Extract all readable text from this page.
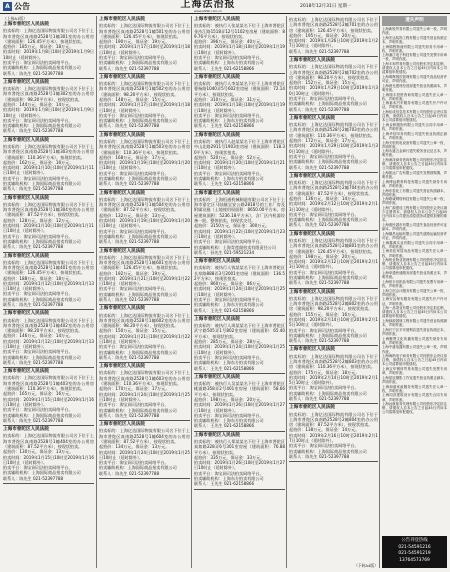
A 公告	上海法治报
www.shfzb.com.cn
2018年12月31日 星期一
（上接A1版）
上海市普陀区人民法院
拍卖标的：上海亿达国际物流有限公司名下位于上海市普陀区真南路2528号1幢301室的办公用房（建筑面积：126.45平方米），按现状拍卖。
起拍价：185万元，保证金：18万元。
拍卖时间：2019年1月8日10时至2019年1月9日10时止（延时除外）。
拍卖平台：淘宝网司法拍卖网络平台。
拍卖辅助机构：上海国际商品拍卖有限公司
联系人：陈先生 021-52397788
上海市普陀区人民法院
拍卖标的：上海亿达国际物流有限公司名下位于上海市普陀区真南路2528号1幢302室的办公用房（建筑面积：98.20平方米），按现状拍卖。
起拍价：144万元，保证金：14万元。
拍卖时间：2019年1月8日10时至2019年1月9日10时止（延时除外）。
拍卖平台：淘宝网司法拍卖网络平台。
拍卖辅助机构：上海国际商品拍卖有限公司
联系人：陈先生 021-52397788
上海市普陀区人民法院
拍卖标的：上海亿达国际物流有限公司名下位于上海市普陀区真南路2528号1幢303室的办公用房（建筑面积：110.36平方米），按现状拍卖。
起拍价：162万元，保证金：16万元。
拍卖时间：2019年1月10日10时至2019年1月11日10时止（延时除外）。
拍卖平台：淘宝网司法拍卖网络平台。
拍卖辅助机构：上海国际商品拍卖有限公司
联系人：陈先生 021-52397788
上海市普陀区人民法院
拍卖标的：上海亿达国际物流有限公司名下位于上海市普陀区真南路2528号1幢304室的办公用房（建筑面积：87.52平方米），按现状拍卖。
起拍价：128万元，保证金：12万元。
拍卖时间：2019年1月10日10时至2019年1月11日10时止（延时除外）。
拍卖平台：淘宝网司法拍卖网络平台。
拍卖辅助机构：上海国际商品拍卖有限公司
联系人：陈先生 021-52397788
上海市普陀区人民法院
拍卖标的：上海亿达国际物流有限公司名下位于上海市普陀区真南路2528号1幢401室的办公用房（建筑面积：126.45平方米），按现状拍卖。
起拍价：188万元，保证金：18万元。
拍卖时间：2019年1月12日10时至2019年1月13日10时止（延时除外）。
拍卖平台：淘宝网司法拍卖网络平台。
拍卖辅助机构：上海国际商品拍卖有限公司
联系人：陈先生 021-52397788
上海市普陀区人民法院
拍卖标的：上海亿达国际物流有限公司名下位于上海市普陀区真南路2528号1幢402室的办公用房（建筑面积：98.20平方米），按现状拍卖。
起拍价：146万元，保证金：14万元。
拍卖时间：2019年1月12日10时至2019年1月13日10时止（延时除外）。
拍卖平台：淘宝网司法拍卖网络平台。
拍卖辅助机构：上海国际商品拍卖有限公司
联系人：陈先生 021-52397788
上海市普陀区人民法院
拍卖标的：上海亿达国际物流有限公司名下位于上海市普陀区真南路2528号1幢403室的办公用房（建筑面积：110.36平方米），按现状拍卖。
起拍价：165万元，保证金：16万元。
拍卖时间：2019年1月15日10时至2019年1月16日10时止（延时除外）。
拍卖平台：淘宝网司法拍卖网络平台。
拍卖辅助机构：上海国际商品拍卖有限公司
联系人：陈先生 021-52397788
上海市普陀区人民法院
拍卖标的：上海亿达国际物流有限公司名下位于上海市普陀区真南路2528号1幢404室的办公用房（建筑面积：87.52平方米），按现状拍卖。
起拍价：130万元，保证金：13万元。
拍卖时间：2019年1月15日10时至2019年1月16日10时止（延时除外）。
拍卖平台：淘宝网司法拍卖网络平台。
拍卖辅助机构：上海国际商品拍卖有限公司
联系人：陈先生 021-52397788
上海市普陀区人民法院
拍卖标的：上海亿达国际物流有限公司名下位于上海市普陀区真南路2528号1幢501室的办公用房（建筑面积：126.45平方米），按现状拍卖。
起拍价：190万元，保证金：19万元。
拍卖时间：2019年1月17日10时至2019年1月18日10时止（延时除外）。
拍卖平台：淘宝网司法拍卖网络平台。
拍卖辅助机构：上海国际商品拍卖有限公司
联系人：陈先生 021-52397788
上海市普陀区人民法院
拍卖标的：上海亿达国际物流有限公司名下位于上海市普陀区真南路2528号1幢502室的办公用房（建筑面积：98.20平方米），按现状拍卖。
起拍价：148万元，保证金：15万元。
拍卖时间：2019年1月17日10时至2019年1月18日10时止（延时除外）。
拍卖平台：淘宝网司法拍卖网络平台。
拍卖辅助机构：上海国际商品拍卖有限公司
联系人：陈先生 021-52397788
上海市普陀区人民法院
拍卖标的：上海亿达国际物流有限公司名下位于上海市普陀区真南路2528号1幢503室的办公用房（建筑面积：110.36平方米），按现状拍卖。
起拍价：168万元，保证金：17万元。
拍卖时间：2019年1月19日10时至2019年1月20日10时止（延时除外）。
拍卖平台：淘宝网司法拍卖网络平台。
拍卖辅助机构：上海国际商品拍卖有限公司
联系人：陈先生 021-52397788
上海市普陀区人民法院
拍卖标的：上海亿达国际物流有限公司名下位于上海市普陀区真南路2528号1幢504室的办公用房（建筑面积：87.52平方米），按现状拍卖。
起拍价：132万元，保证金：13万元。
拍卖时间：2019年1月19日10时至2019年1月20日10时止（延时除外）。
拍卖平台：淘宝网司法拍卖网络平台。
拍卖辅助机构：上海国际商品拍卖有限公司
联系人：陈先生 021-52397788
上海市普陀区人民法院
拍卖标的：上海亿达国际物流有限公司名下位于上海市普陀区真南路2528号1幢601室的办公用房（建筑面积：126.45平方米），按现状拍卖。
起拍价：192万元，保证金：19万元。
拍卖时间：2019年1月21日10时至2019年1月22日10时止（延时除外）。
拍卖平台：淘宝网司法拍卖网络平台。
拍卖辅助机构：上海国际商品拍卖有限公司
联系人：陈先生 021-52397788
上海市普陀区人民法院
拍卖标的：上海亿达国际物流有限公司名下位于上海市普陀区真南路2528号1幢602室的办公用房（建筑面积：98.20平方米），按现状拍卖。
起拍价：150万元，保证金：15万元。
拍卖时间：2019年1月21日10时至2019年1月22日10时止（延时除外）。
拍卖平台：淘宝网司法拍卖网络平台。
拍卖辅助机构：上海国际商品拍卖有限公司
联系人：陈先生 021-52397788
上海市普陀区人民法院
拍卖标的：上海亿达国际物流有限公司名下位于上海市普陀区真南路2528号1幢603室的办公用房（建筑面积：110.36平方米），按现状拍卖。
起拍价：170万元，保证金：17万元。
拍卖时间：2019年1月24日10时至2019年1月25日10时止（延时除外）。
拍卖平台：淘宝网司法拍卖网络平台。
拍卖辅助机构：上海国际商品拍卖有限公司
联系人：陈先生 021-52397788
上海市普陀区人民法院
拍卖标的：上海亿达国际物流有限公司名下位于上海市普陀区真南路2528号1幢604室的办公用房（建筑面积：87.52平方米），按现状拍卖。
起拍价：134万元，保证金：13万元。
拍卖时间：2019年1月24日10时至2019年1月25日10时止（延时除外）。
拍卖平台：淘宝网司法拍卖网络平台。
拍卖辅助机构：上海国际商品拍卖有限公司
联系人：陈先生 021-52397788
上海市普陀区人民法院
拍卖标的：被执行人张某某名下位于上海市普陀区金沙江路1518弄12号1102室房屋（建筑面积：89.76平方米），按现状拍卖。
起拍价：396万元，保证金：40万元。
拍卖时间：2019年1月18日10时至2019年1月19日10时止（延时除外）。
拍卖平台：淘宝网司法拍卖网络平台。
拍卖辅助机构：上海东方拍卖有限公司
联系人：王先生 021-62158866
上海市普陀区人民法院
拍卖标的：被执行人李某某名下位于上海市普陀区曹杨路1040弄5号602室房屋（建筑面积：72.14平方米），按现状拍卖。
起拍价：310万元，保证金：31万元。
拍卖时间：2019年1月18日10时至2019年1月19日10时止（延时除外）。
拍卖平台：淘宝网司法拍卖网络平台。
拍卖辅助机构：上海东方拍卖有限公司
联系人：王先生 021-62158866
上海市普陀区人民法院
拍卖标的：被执行人赵某某名下位于上海市普陀区中山北路2911号1903室房屋（建筑面积：118.30平方米），按现状拍卖。
起拍价：520万元，保证金：52万元。
拍卖时间：2019年1月20日10时至2019年1月21日10时止（延时除外）。
拍卖平台：淘宝网司法拍卖网络平台。
拍卖辅助机构：上海东方拍卖有限公司
联系人：王先生 021-62158866
上海市嘉定区人民法院
拍卖标的：上海恒通机械制造有限公司名下位于上海市嘉定区马陆镇宝安公路2818号的工业厂房及附属设施（土地使用权面积：8650.00平方米，房屋建筑面积：5236.18平方米），含厂区内机器设备一批，整体拍卖，按现状交付。
起拍价：3150万元，保证金：300万元。
拍卖时间：2019年1月22日10时至2019年1月23日10时止（延时除外）。
拍卖平台：淘宝网司法拍卖网络平台。
拍卖辅助机构：上海青莲阁拍卖有限责任公司
联系人：孙先生 021-59521234
上海市普陀区人民法院
拍卖标的：被执行人钱某某名下位于上海市普陀区长寿路888弄3号2001室房屋（建筑面积：136.52平方米），按现状拍卖。
起拍价：860万元，保证金：86万元。
拍卖时间：2019年1月24日10时至2019年1月25日10时止（延时除外）。
拍卖平台：淘宝网司法拍卖网络平台。
拍卖辅助机构：上海东方拍卖有限公司
联系人：王先生 021-62158866
上海市普陀区人民法院
拍卖标的：被执行人周某某名下位于上海市普陀区武宁路505弄1号802室房屋（建筑面积：65.40平方米），按现状拍卖。
起拍价：285万元，保证金：28万元。
拍卖时间：2019年1月24日10时至2019年1月25日10时止（延时除外）。
拍卖平台：淘宝网司法拍卖网络平台。
拍卖辅助机构：上海东方拍卖有限公司
联系人：王先生 021-62158866
上海市普陀区人民法院
拍卖标的：被执行人吴某某名下位于上海市普陀区桃浦路358弄2号401室房屋（建筑面积：58.66平方米），按现状拍卖。
起拍价：198万元，保证金：20万元。
拍卖时间：2019年1月26日10时至2019年1月27日10时止（延时除外）。
拍卖平台：淘宝网司法拍卖网络平台。
拍卖辅助机构：上海东方拍卖有限公司
联系人：王先生 021-62158866
上海市普陀区人民法院
拍卖标的：被执行人郑某某名下位于上海市普陀区真如路228弄6号301室房屋（建筑面积：76.88平方米），按现状拍卖。
起拍价：335万元，保证金：33万元。
拍卖时间：2019年1月26日10时至2019年1月27日10时止（延时除外）。
拍卖平台：淘宝网司法拍卖网络平台。
拍卖辅助机构：上海东方拍卖有限公司
联系人：王先生 021-62158866
拍卖标的：上海亿达国际物流有限公司名下位于上海市普陀区真南路2528号2幢701室的办公用房（建筑面积：126.45平方米），按现状拍卖。
起拍价：195万元，保证金：20万元。
拍卖时间：2019年1月26日10时至2019年1月27日10时止（延时除外）。
联系人：陈先生 021-52397788
上海市普陀区人民法院
拍卖标的：上海亿达国际物流有限公司名下位于上海市普陀区真南路2528号2幢702室的办公用房（建筑面积：98.20平方米），按现状拍卖。
起拍价：152万元，保证金：15万元。
拍卖时间：2019年1月29日10时至2019年1月30日10时止（延时除外）。
拍卖平台：淘宝网司法拍卖网络平台。
拍卖辅助机构：上海国际商品拍卖有限公司
联系人：陈先生 021-52397788
上海市普陀区人民法院
拍卖标的：上海亿达国际物流有限公司名下位于上海市普陀区真南路2528号2幢703室的办公用房（建筑面积：110.36平方米），按现状拍卖。
起拍价：172万元，保证金：17万元。
拍卖时间：2019年1月29日10时至2019年1月30日10时止（延时除外）。
拍卖平台：淘宝网司法拍卖网络平台。
拍卖辅助机构：上海国际商品拍卖有限公司
联系人：陈先生 021-52397788
上海市普陀区人民法院
拍卖标的：上海亿达国际物流有限公司名下位于上海市普陀区真南路2528号2幢704室的办公用房（建筑面积：87.52平方米），按现状拍卖。
起拍价：136万元，保证金：14万元。
拍卖时间：2019年2月12日10时至2019年2月13日10时止（延时除外）。
拍卖平台：淘宝网司法拍卖网络平台。
拍卖辅助机构：上海国际商品拍卖有限公司
联系人：陈先生 021-52397788
上海市普陀区人民法院
拍卖标的：上海亿达国际物流有限公司名下位于上海市普陀区真南路2528号2幢801室的办公用房（建筑面积：126.45平方米），按现状拍卖。
起拍价：198万元，保证金：20万元。
拍卖时间：2019年2月12日10时至2019年2月13日10时止（延时除外）。
拍卖平台：淘宝网司法拍卖网络平台。
拍卖辅助机构：上海国际商品拍卖有限公司
联系人：陈先生 021-52397788
上海市普陀区人民法院
拍卖标的：上海亿达国际物流有限公司名下位于上海市普陀区真南路2528号2幢802室的办公用房（建筑面积：98.20平方米），按现状拍卖。
起拍价：155万元，保证金：16万元。
拍卖时间：2019年2月14日10时至2019年2月15日10时止（延时除外）。
拍卖平台：淘宝网司法拍卖网络平台。
拍卖辅助机构：上海国际商品拍卖有限公司
联系人：陈先生 021-52397788
上海市普陀区人民法院
拍卖标的：上海亿达国际物流有限公司名下位于上海市普陀区真南路2528号2幢803室的办公用房（建筑面积：110.36平方米），按现状拍卖。
起拍价：175万元，保证金：18万元。
拍卖时间：2019年2月14日10时至2019年2月15日10时止（延时除外）。
拍卖平台：淘宝网司法拍卖网络平台。
拍卖辅助机构：上海国际商品拍卖有限公司
联系人：陈先生 021-52397788
上海市普陀区人民法院
拍卖标的：上海亿达国际物流有限公司名下位于上海市普陀区真南路2528号2幢804室的办公用房（建筑面积：87.52平方米），按现状拍卖。
起拍价：138万元，保证金：14万元。
拍卖时间：2019年2月16日10时至2019年2月17日10时止（延时除外）。
拍卖平台：淘宝网司法拍卖网络平台。
拍卖辅助机构：上海国际商品拍卖有限公司
联系人：陈先生 021-52397788
（下转A4版）
遗失声明
上海新锐贸易有限公司遗失公章一枚，声明作废。
上海宏达装饰工程有限公司遗失营业执照正本，声明作废。
上海锦程物流有限公司遗失财务专用章一枚，声明作废。
上海浦江电子科技有限公司遗失发票专用章一枚，声明作废。
上海丰和贸易有限公司经股东决定拟注销，请债权人自本公告之日起45日内向本公司清算组申报债权。
上海明辉餐饮管理有限公司遗失食品经营许可证，声明作废。
上海晨光建材经营部遗失营业执照副本，声明作废。
上海瑞丰投资咨询有限公司遗失法人章一枚，声明作废。
上海嘉禾汽车服务有限公司遗失开户许可证，声明作废。
上海佳成信息技术有限公司经股东会决议拟注销，请债权人自本公告之日起45日内向本公司清算组申报债权。
上海金桥服饰有限公司遗失合同专用章一枚，声明作废。
上海华信印务有限公司遗失营业执照正副本，声明作废。
上海天恒机电设备有限公司遗失公章一枚，声明作废。
上海永盛五金商行遗失税务登记证正本，声明作废。
上海润泽商务咨询有限公司经股东决定拟注销，请债权人自本公告之日起45日内向本公司清算组申报债权。
上海凯达广告有限公司遗失发票领购簿，声明作废。
上海博远教育科技有限公司遗失财务专用章，声明作废。
上海东泰化工有限公司遗失营业执照副本，声明作废。
上海联诚网络科技有限公司遗失公章一枚，声明作废。
上海广源建设工程有限公司经股东会决议减少注册资本，请债权人自本公告之日起45日内向本公司提出清偿债务或提供担保的要求。
上海惠民超市有限公司遗失食品经营许可证副本，声明作废。
上海顺昌运输有限公司遗失道路运输经营许可证，声明作废。
上海鑫源实业有限公司遗失合同专用章一枚，声明作废。
上海美佳家居用品有限公司遗失法人章一枚，声明作废。
上海恒业物业管理有限公司经股东决定拟注销，请债权人自本公告之日起45日内向本公司清算组申报债权。
上海申通快递服务部遗失营业执照正本，声明作废。
上海恒丰纺织品有限公司遗失发票专用章一枚，声明作废。
上海立信会计服务有限公司遗失公章一枚，声明作废。
上海安达保安服务有限公司遗失开户许可证，声明作废。
上海一品茶业有限公司经股东决定拟注销，请债权人自本公告之日起45日内向本公司清算组申报债权。
上海绿源园林工程有限公司遗失营业执照副本，声明作废。
上海长宁区平安便利店遗失营业执照正本，声明作废。
上海聚贤文化传播有限公司遗失财务专用章，声明作废。
上海中盛电器有限公司遗失公章一枚，声明作废。
上海海纳电子商务有限公司经股东会决议拟注销，请债权人自本公告之日起45日内向本公司清算组申报债权。
上海宝华钢材贸易有限公司遗失发票专用章，声明作废。
上海星辰摄影工作室遗失营业执照正副本，声明作废。
上海和谐家政服务有限公司遗失法人章一枚，声明作废。
上海同济建筑设计有限公司遗失合同专用章，声明作废。
上海远航船务代理有限公司经股东决定拟注销，请债权人自本公告之日起45日内向本公司清算组申报债权。
公告刊登热线
021-54591216
021-54591219
13764573769
